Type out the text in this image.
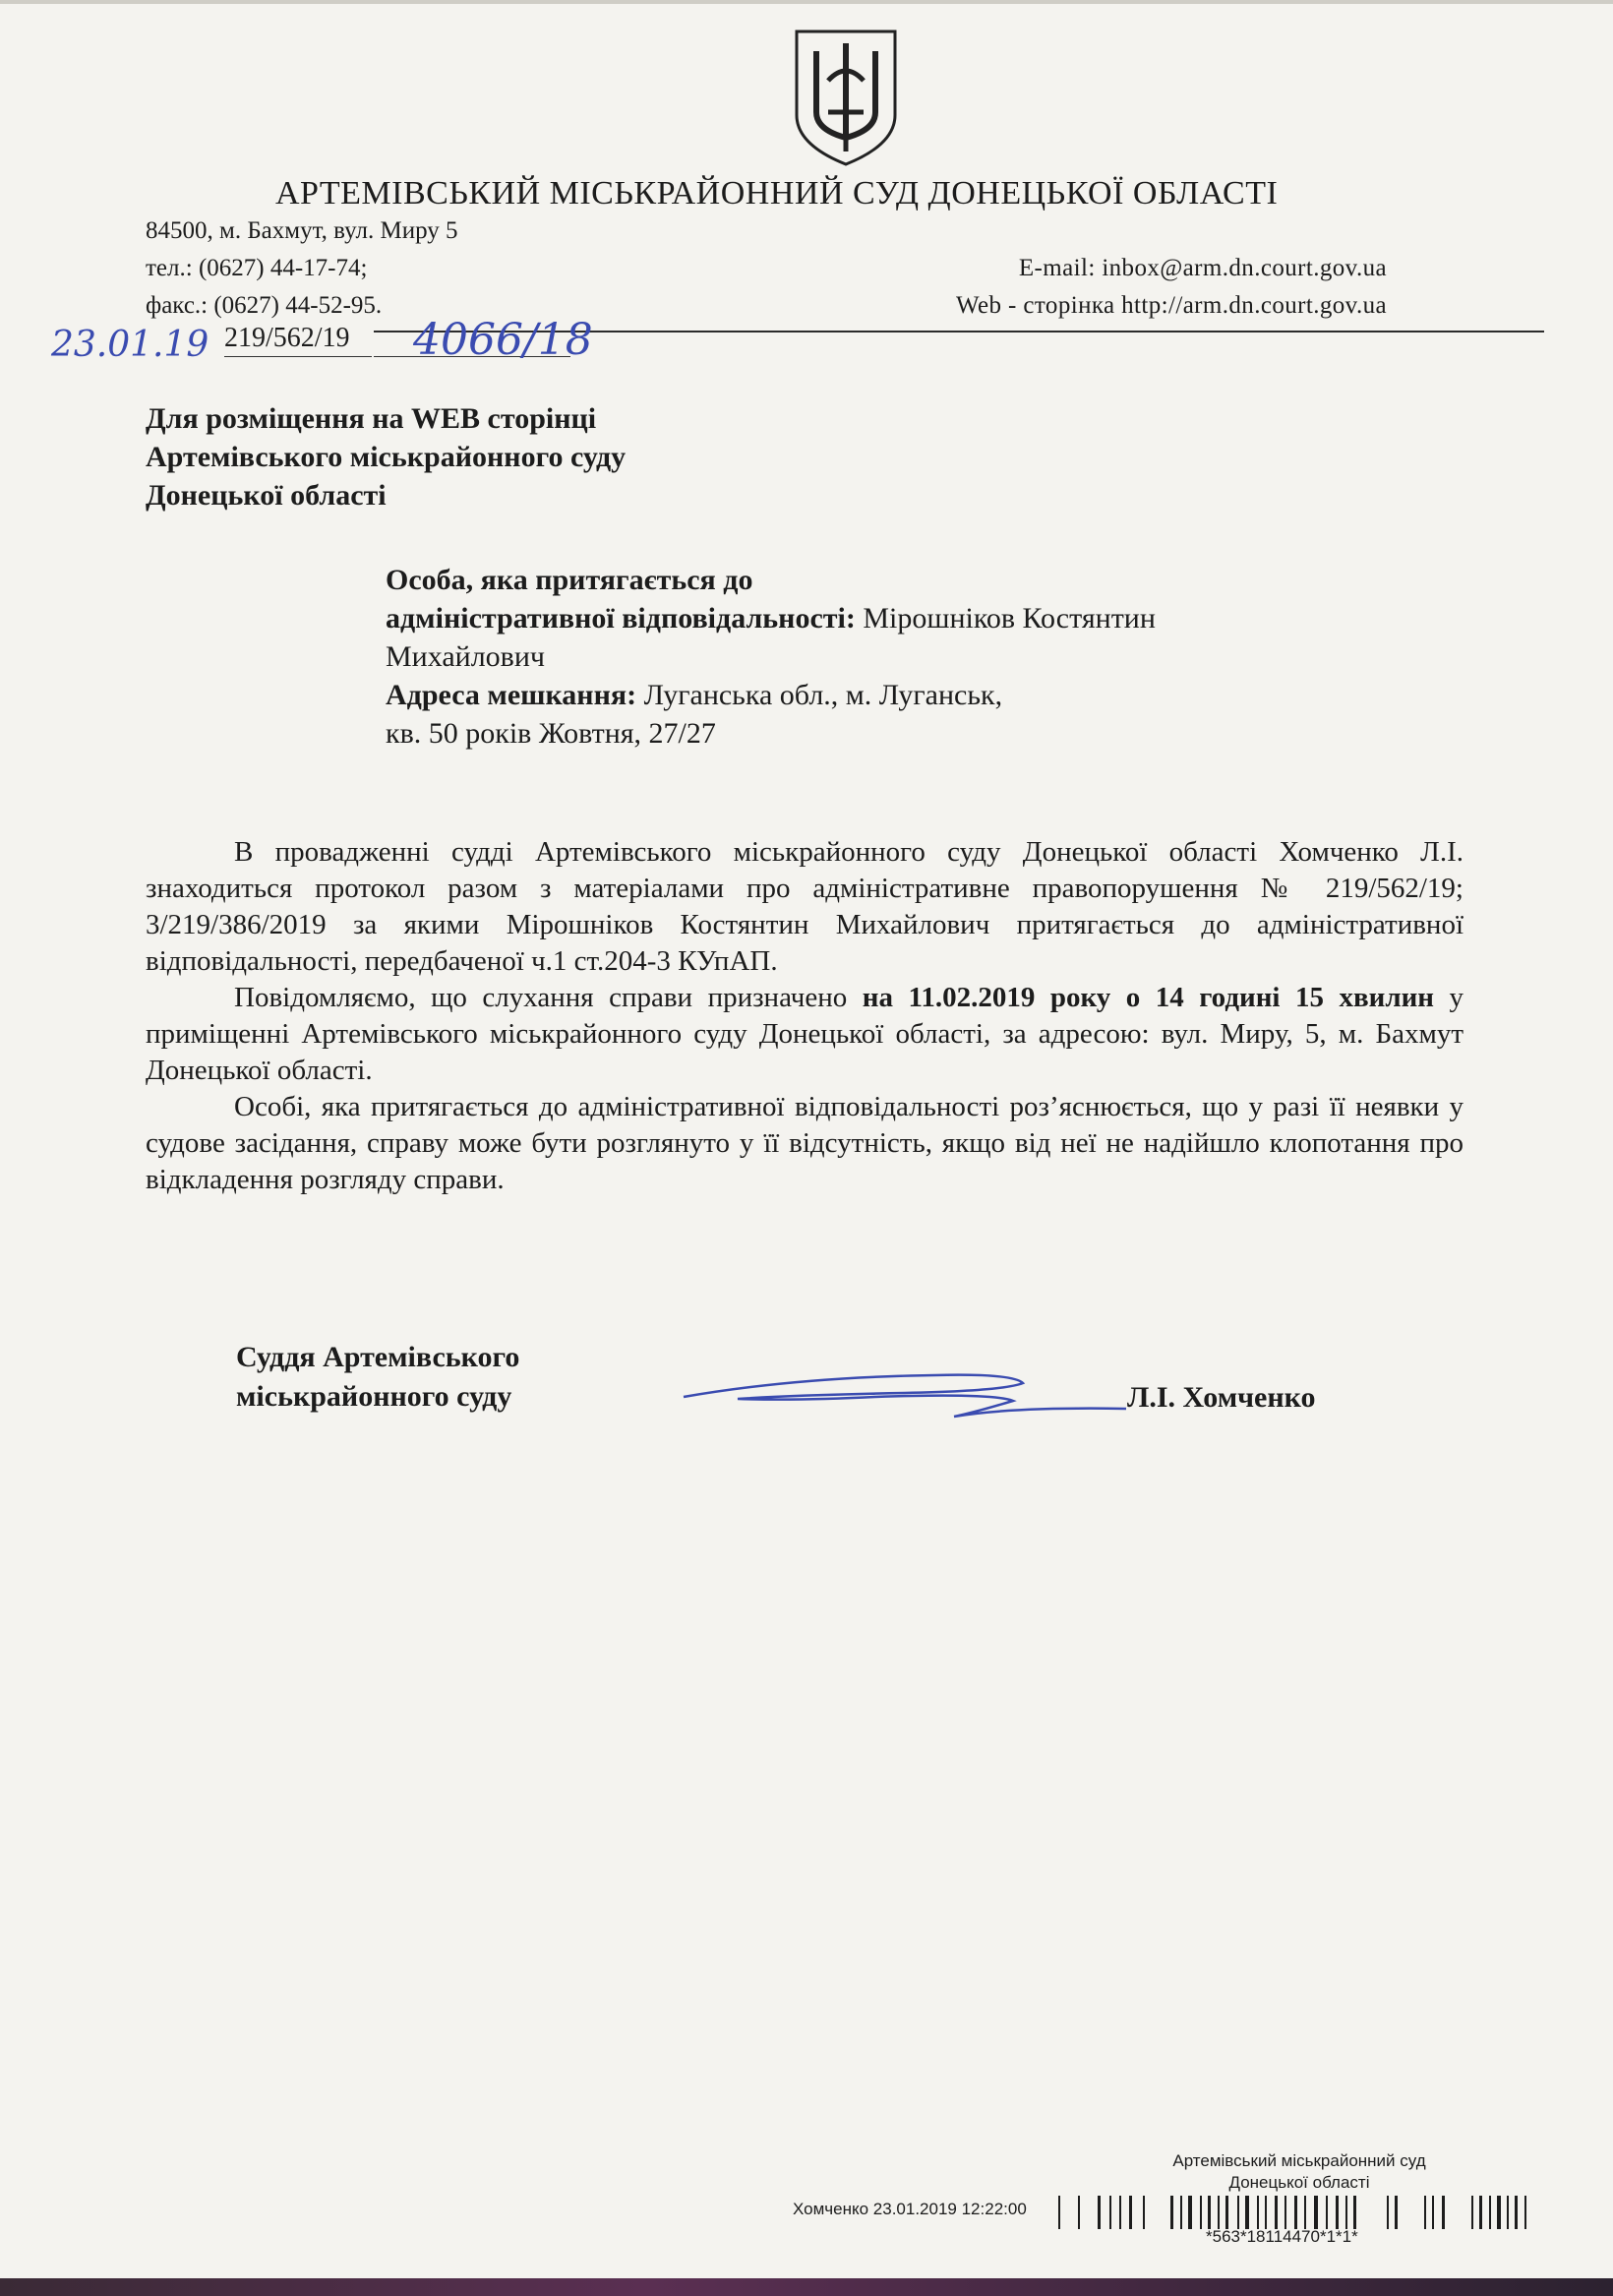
АРТЕМІВСЬКИЙ МІСЬКРАЙОННИЙ СУД ДОНЕЦЬКОЇ ОБЛАСТІ
84500, м. Бахмут, вул. Миру 5
тел.: (0627) 44-17-74;
факс.: (0627) 44-52-95.
E-mail: inbox@arm.dn.court.gov.ua
Web - сторінка http://arm.dn.court.gov.ua
23.01.19 219/562/19 4066/18
Для розміщення на WEB сторінці
Артемівського міськрайонного суду
Донецької області
Особа, яка притягається до
адміністративної відповідальності: Мірошніков Костянтин
Михайлович
Адреса мешкання: Луганська обл., м. Луганськ,
кв. 50 років Жовтня, 27/27

В провадженні судді Артемівського міськрайонного суду Донецької області Хомченко Л.І. знаходиться протокол разом з матеріалами про адміністративне правопорушення № 219/562/19; 3/219/386/2019 за якими Мірошніков Костянтин Михайлович притягається до адміністративної відповідальності, передбаченої ч.1 ст.204-3 КУпАП.

Повідомляємо, що слухання справи призначено на 11.02.2019 року о 14 годині 15 хвилин у приміщенні Артемівського міськрайонного суду Донецької області, за адресою: вул. Миру, 5, м. Бахмут Донецької області.

Особі, яка притягається до адміністративної відповідальності роз’яснюється, що у разі її неявки у судове засідання, справу може бути розглянуто у її відсутність, якщо від неї не надійшло клопотання про відкладення розгляду справи.

Суддя Артемівського
міськрайонного суду	Л.І. Хомченко
Артемівський міськрайонний суд
Донецької області
Хомченко 23.01.2019 12:22:00
*563*18114470*1*1*
